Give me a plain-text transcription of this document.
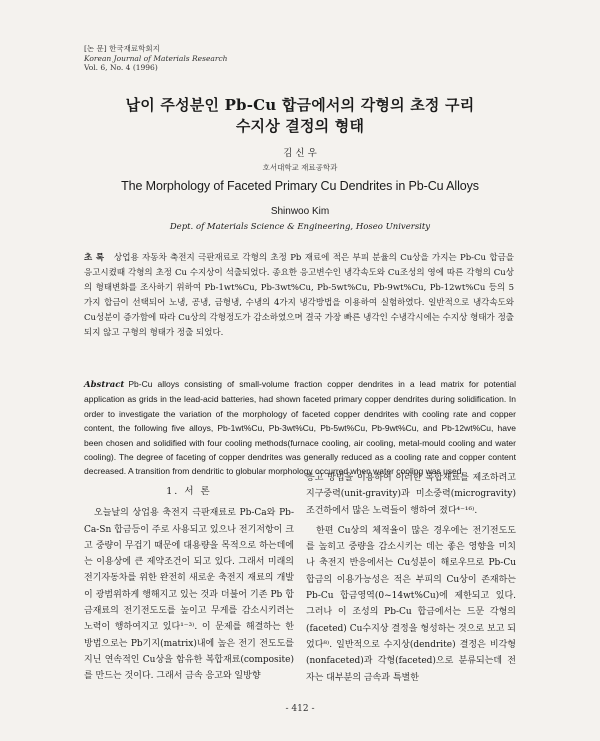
[논 문] 한국재료학회지
Korean Journal of Materials Research
Vol. 6, No. 4 (1996)
납이 주성분인 Pb-Cu 합금에서의 각형의 초정 구리
수지상 결정의 형태
김 신 우
호서대학교 재료공학과
The Morphology of Faceted Primary Cu Dendrites in Pb-Cu Alloys
Shinwoo Kim
Dept. of Materials Science & Engineering, Hoseo University
초 록 상업용 자동차 축전지 극판재료로 각형의 초정 Pb 재료에 적은 부피 분율의 Cu상을 가지는 Pb-Cu 합금을 응고시켰때 각형의 초정 Cu 수지상이 석출되었다. 종요한 응고변수인 냉각속도와 Cu조성의 영에 따른 각형의 Cu상의 형태변화를 조사하기 위하여 Pb-1wt%Cu, Pb-3wt%Cu, Pb-5wt%Cu, Pb-9wt%Cu, Pb-12wt%Cu 등의 5가지 합금이 선택되어 노냉, 공냉, 금형냉, 수냉의 4가지 냉각방법을 이용하여 실험하였다. 일반적으로 냉각속도와 Cu성분이 증가함에 따라 Cu상의 각형정도가 감소하였으며 결국 가장 빠른 냉각인 수냉각시에는 수지상 형태가 정출되지 않고 구형의 형태가 정출 되었다.
Abstract Pb-Cu alloys consisting of small-volume fraction copper dendrites in a lead matrix for potential application as grids in the lead-acid batteries, had shown faceted primary copper dendrites during solidification. In order to investigate the variation of the morphology of faceted copper dendrites with cooling rate and copper content, the following five alloys, Pb-1wt%Cu, Pb-3wt%Cu, Pb-5wt%Cu, Pb-9wt%Cu, and Pb-12wt%Cu, have been chosen and solidified with four cooling methods(furnace cooling, air cooling, metal-mould cooling and water cooling). The degree of faceting of copper dendrites was generally reduced as a cooling rate and copper content decreased. A transition from dendritic to globular morphology occurred when water cooling was used.
1. 서 론

오늘날의 상업용 축전지 극판재료로 Pb-Ca와 Pb-Ca-Sn 합금등이 주로 사용되고 있으나 전기저항이 크고 중량이 무겁기 때문에 대용량을 목적으로 하는데에는 이용상에 큰 제약조건이 되고 있다. 그래서 미래의 전기자동차를 위한 완전히 새로운 축전지 재료의 개발이 광범위하게 행해지고 있는 것과 더불어 기존 Pb 합금재료의 전기전도도를 높이고 무게를 감소시키려는 노력이 행하여지고 있다¹⁻³⁾. 이 문제를 해결하는 한 방법으로는 Pb기지(matrix)내에 높은 전기 전도도를 지닌 연속적인 Cu상을 함유한 복합재료(composite)를 만드는 것이다. 그래서 금속 응고와 일방향

응고 방법을 이용하여 이러한 복합재료를 제조하려고 지구중력(unit-gravity)과 미소중력(microgravity) 조건하에서 많은 노력들이 행하여 졌다⁴⁻¹⁶⁾.

한편 Cu상의 체적율이 많은 경우에는 전기전도도를 높히고 중량을 감소시키는 데는 좋은 영향을 미치나 축전지 반응에서는 Cu성분이 해로우므로 Pb-Cu합금의 이용가능성은 적은 부피의 Cu상이 존재하는 Pb-Cu 합금영역(0~14wt%Cu)에 제한되고 있다. 그러나 이 조성의 Pb-Cu 합금에서는 드문 각형의(faceted) Cu수지상 결정을 형성하는 것으로 보고 되었다⁸⁾. 일반적으로 수지상(dendrite) 결정은 비각형(nonfaceted)과 각형(faceted)으로 분류되는데 전자는 대부분의 금속과 특별한

- 412 -
